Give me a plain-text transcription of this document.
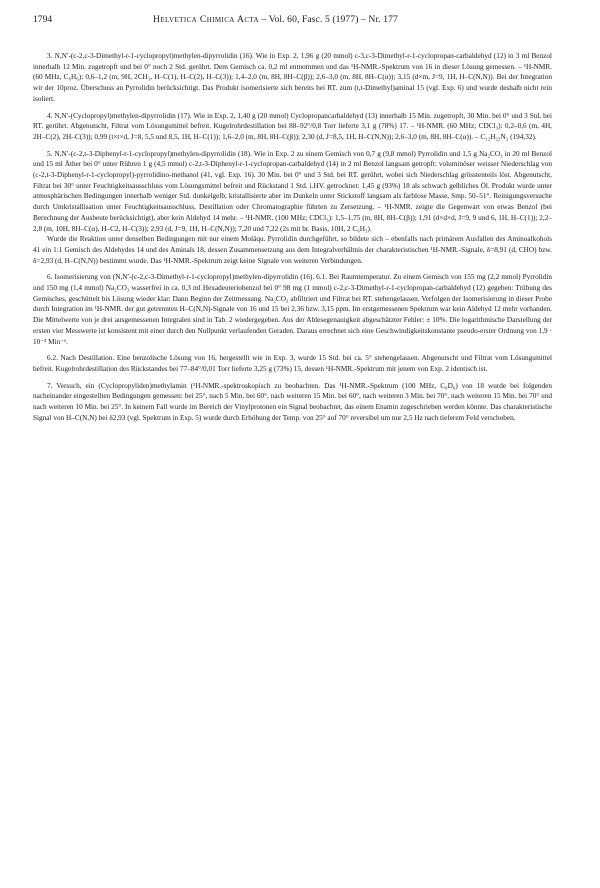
1794	Helvetica Chimica Acta – Vol. 60, Fasc. 5 (1977) – Nr. 177

3. N,N′-(c-2,c-3-Dimethyl-r-1-cyclopropyl)methylen-dipyrrolidin (16). Wie in Exp. 2, 1,96 g (20 mmol) c-3,c-3-Dimethyl-r-1-cyclopropan-carbaldehyd (12) in 3 ml Benzol innerhalb 12 Min. zugetropft und bei 0° noch 2 Std. gerührt. Dem Gemisch ca. 0,2 ml entnommen und das ¹H-NMR.-Spektrum von 16 in dieser Lösung gemessen. – ¹H-NMR. (60 MHz, C₆H₆): 0,6–1,2 (m, 9H, 2CH₃, H–C(1), H–C(2), H–C(3)); 1,4–2,0 (m, 8H, 8H–C(β)); 2,6–3,0 (m, 8H, 8H–C(α)); 3,15 (d×m, J=9, 1H, H–C(N,N)). Bei der Integration wir der 10proz. Überschuss an Pyrrolidin berücksichtigt. Das Produkt isomerisierte sich bereits bei RT. zum (t,t-Dimethyl)aminal 15 (vgl. Exp. 6) und wurde deshalb nicht rein isoliert.

4. N,N′-(Cyclopropyl)methylen-dipyrrolidin (17). Wie in Exp. 2, 1,40 g (20 mmol) Cyclopropancarbaldehyd (13) innerhalb 15 Min. zugetropft, 30 Min. bei 0° und 3 Std. bei RT. gerührt. Abgenutscht, Filtrat vom Lösungsmittel befreit. Kugelrohrdestillation bei 88–92°/0,8 Torr lieferte 3,1 g (78%) 17. – ¹H-NMR. (60 MHz; CDCl₃): 0,2–0,6 (m, 4H, 2H–C(2), 2H–C(3)); 0,99 (t×t×d, J=8, 5,5 und 8,5, 1H, H–C(1)); 1,6–2,0 (m, 8H, 8H–C(β)); 2,30 (d, J=8,5, 1H, H–C(N,N)); 2,6–3,0 (m, 8H, 8H–C(α)). – C₁₂H₂₂N₂ (194,32).

5. N,N′-(c-2,t-3-Diphenyl-r-1-cyclopropyl)methylen-dipyrrolidin (18). Wie in Exp. 2 zu einem Gemisch von 0,7 g (9,8 mmol) Pyrrolidin und 1,5 g Na₂CO₃ in 20 ml Benzol und 15 ml Äther bei 0° unter Rühren 1 g (4,5 mmol) c-2,t-3-Diphenyl-r-1-cyclopropan-carbaldehyd (14) in 2 ml Benzol langsam getropft: voluminöser weisser Niederschlag von (c-2,t-3-Diphenyl-r-1-cyclopropyl)-pyrrolidino-methanol (41, vgl. Exp. 16). 30 Min. bei 0° und 3 Std. bei RT. gerührt, wobei sich Niederschlag grösstenteils löst. Abgenutscht, Filtrat bei 30° unter Feuchtigkeitsausschluss vom Lösungsmittel befreit und Rückstand 1 Std. i.HV. getrocknet: 1,45 g (93%) 18 als schwach gelbliches Öl. Produkt wurde unter atmosphärischen Bedingungen innerhalb weniger Std. dunkelgelb, kristallisierte aber im Dunkeln unter Stickstoff langsam als farblose Masse, Smp. 50–51°. Reinigungsversuche durch Umkristallisation unter Feuchtigkeitsausschluss, Destillation oder Chromatographie führten zu Zersetzung. – ¹H-NMR. zeigte die Gegenwart von etwas Benzol (bei Berechnung der Ausbeute berücksichtigt), aber kein Aldehyd 14 mehr. – ¹H-NMR. (100 MHz; CDCl₃): 1,5–1,75 (m, 8H, 8H–C(β)); 1,91 (d×d×d, J=9, 9 und 6, 1H, H–C(1)); 2,2–2,8 (m, 10H, 8H–C(α), H–C2, H–C(3)); 2,93 (d, J=9, 1H, H–C(N,N)); 7,20 und 7,22 (2s mit br. Basis, 10H, 2 C₆H₅).

Wurde die Reaktion unter denselben Bedingungen mit nur einem Moläqu. Pyrrolidin durchgeführt, so bildete sich – ebenfalls nach primärem Ausfallen des Aminoalkohols 41 ein 1:1 Gemisch des Aldehydes 14 und des Aminals 18, dessen Zusammensetzung aus dem Integralverhältnis der charakteristischen ¹H-NMR.-Signale, δ=8,91 (d, CHO) bzw. δ=2,93 (d, H–C(N,N)) bestimmt wurde. Das ¹H-NMR.-Spektrum zeigt keine Signale von weiteren Verbindungen.

6. Isomerisierung von (N,N′-(c-2,c-3-Dimethyl-r-1-cyclopropyl)methylen-dipyrrolidin (16). 6.1. Bei Raumtemperatur. Zu einem Gemisch von 155 mg (2,2 mmol) Pyrrolidin und 150 mg (1,4 mmol) Na₂CO₃ wasserfrei in ca. 0,3 ml Hexadeuteriobenzol bei 0° 98 mg (1 mmol) c-2,c-3-Dimethyl-r-1-cyclopropan-carbaldehyd (12) gegeben: Trübung des Gemisches, geschüttelt bis Lösung wieder klar: Dann Beginn der Zeitmessung. Na₂CO₃ abfiltriert und Filtrat bei RT. stehengelassen. Verfolgen der Isomerisierung in dieser Probe durch Integration im ¹H-NMR. der gut getrennten H–C(N,N)-Signale von 16 und 15 bei 2,36 bzw. 3,15 ppm. Im erstgemessenen Spektrum war kein Aldehyd 12 mehr vorhanden. Die Mittelwerte von je drei ausgemessenen Integralen sind in Tab. 2 wiedergegeben. Aus der Ablesegenauigkeit abgeschätzter Fehler: ± 10%. Die logarithmische Darstellung der ersten vier Messwerte ist konsistent mit einer durch den Nullpunkt verlaufenden Geraden. Daraus errechnet sich eine Geschwindigkeitskonstante pseudo-erster Ordnung von 1,9 · 10⁻³ Min⁻¹.

6.2. Nach Destillation. Eine benzolische Lösung von 16, hergestellt wie in Exp. 3, wurde 15 Std. bei ca. 5° stehengelassen. Abgenutscht und Filtrat vom Lösungsmittel befreit. Kugelrohrdestillation des Rückstandes bei 77–84°/0,01 Torr lieferte 3,25 g (73%) 15, dessen ¹H-NMR.-Spektrum mit jenem von Exp. 2 identisch ist.

7. Versuch, ein (Cyclopropyliden)methylamin (¹H-NMR.-spektroskopisch zu beobachten. Das ¹H-NMR.-Spektrum (100 MHz, C₆D₆) von 18 wurde bei folgenden nacheinander eingestellten Bedingungen gemessen: bei 25°, nach 5 Min. bei 60°, nach weiteren 15 Min. bei 60°, nach weiteren 3 Min. bei 70°, nach weiteren 15 Min. bei 70° und nach weiteren 10 Min. bei 25°. In keinem Fall wurde im Bereich der Vinylprotonen ein Signal beobachtet, das einem Enamin zugeschrieben werden könnte. Das charakteristische Signal von H–C(N,N) bei δ2,93 (vgl. Spektrum in Exp. 5) wurde durch Erhöhung der Temp. von 25° auf 70° reversibel um nur 2,5 Hz nach tieferem Feld verschoben.
